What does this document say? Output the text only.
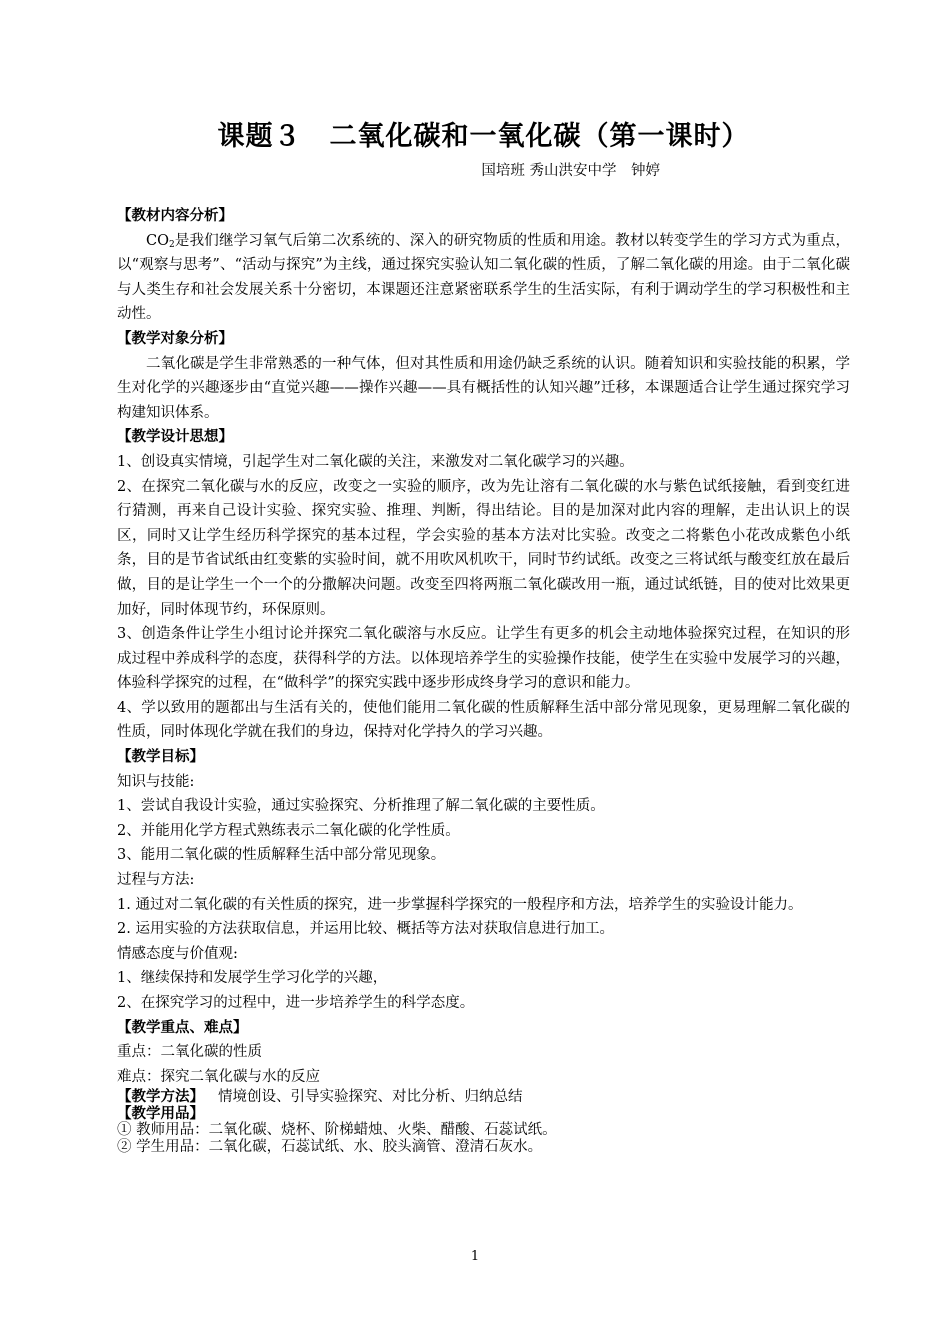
课题３　二氧化碳和一氧化碳（第一课时）
国培班 秀山洪安中学　钟婷

【教材内容分析】

$CO_2$是我们继学习氧气后第二次系统的、深入的研究物质的性质和用途。教材以转变学生的学习方式为重点，以“观察与思考”、“活动与探究”为主线，通过探究实验认知二氧化碳的性质，了解二氧化碳的用途。由于二氧化碳与人类生存和社会发展关系十分密切，本课题还注意紧密联系学生的生活实际，有利于调动学生的学习积极性和主动性。

【教学对象分析】

二氧化碳是学生非常熟悉的一种气体，但对其性质和用途仍缺乏系统的认识。随着知识和实验技能的积累，学生对化学的兴趣逐步由“直觉兴趣——操作兴趣——具有概括性的认知兴趣”迁移，本课题适合让学生通过探究学习构建知识体系。

【教学设计思想】

1、创设真实情境，引起学生对二氧化碳的关注，来激发对二氧化碳学习的兴趣。

2、在探究二氧化碳与水的反应，改变之一实验的顺序，改为先让溶有二氧化碳的水与紫色试纸接触，看到变红进行猜测，再来自己设计实验、探究实验、推理、判断，得出结论。目的是加深对此内容的理解，走出认识上的误区，同时又让学生经历科学探究的基本过程，学会实验的基本方法对比实验。改变之二将紫色小花改成紫色小纸条，目的是节省试纸由红变紫的实验时间，就不用吹风机吹干，同时节约试纸。改变之三将试纸与酸变红放在最后做，目的是让学生一个一个的分撒解决问题。改变至四将两瓶二氧化碳改用一瓶，通过试纸链，目的使对比效果更加好，同时体现节约，环保原则。

3、创造条件让学生小组讨论并探究二氧化碳溶与水反应。让学生有更多的机会主动地体验探究过程，在知识的形成过程中养成科学的态度，获得科学的方法。以体现培养学生的实验操作技能，使学生在实验中发展学习的兴趣，体验科学探究的过程，在“做科学”的探究实践中逐步形成终身学习的意识和能力。

4、学以致用的题都出与生活有关的，使他们能用二氧化碳的性质解释生活中部分常见现象，更易理解二氧化碳的性质，同时体现化学就在我们的身边，保持对化学持久的学习兴趣。

【教学目标】

知识与技能:

1、尝试自我设计实验，通过实验探究、分析推理了解二氧化碳的主要性质。

2、并能用化学方程式熟练表示二氧化碳的化学性质。

3、能用二氧化碳的性质解释生活中部分常见现象。

过程与方法:

1. 通过对二氧化碳的有关性质的探究，进一步掌握科学探究的一般程序和方法，培养学生的实验设计能力。

2. 运用实验的方法获取信息，并运用比较、概括等方法对获取信息进行加工。

情感态度与价值观:

1、继续保持和发展学生学习化学的兴趣，

2、在探究学习的过程中，进一步培养学生的科学态度。

【教学重点、难点】

重点：二氧化碳的性质

难点：探究二氧化碳与水的反应

【教学方法】 情境创设、引导实验探究、对比分析、归纳总结

【教学用品】

① 教师用品：二氧化碳、烧杯、阶梯蜡烛、火柴、醋酸、石蕊试纸。

② 学生用品：二氧化碳，石蕊试纸、水、胶头滴管、澄清石灰水。

1
